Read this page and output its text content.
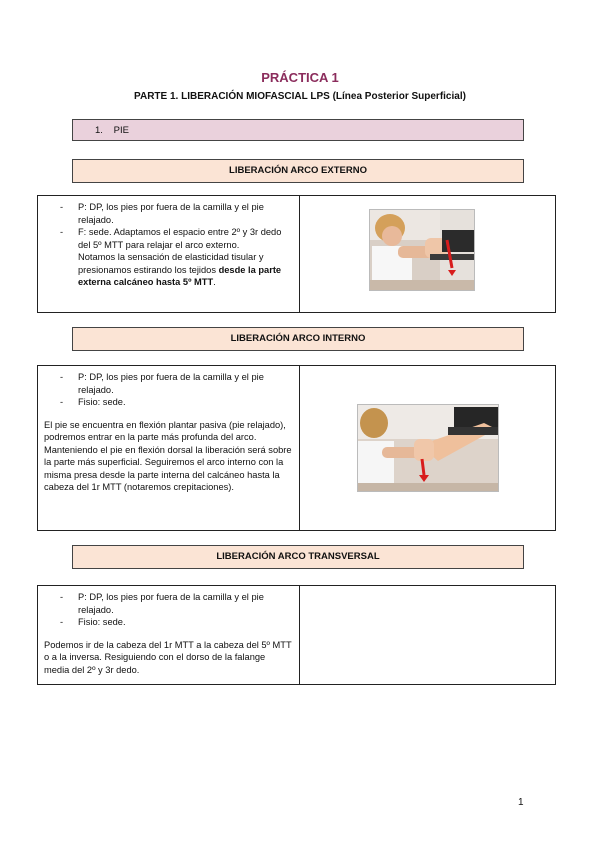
PRÁCTICA 1
PARTE 1. LIBERACIÓN MIOFASCIAL LPS (Línea Posterior Superficial)
1. PIE
LIBERACIÓN ARCO EXTERNO
- P: DP, los pies por fuera de la camilla y el pie relajado.
- F: sede. Adaptamos el espacio entre 2º y 3r dedo del 5º MTT para relajar el arco externo.
Notamos la sensación de elasticidad tisular y presionamos estirando los tejidos desde la parte externa calcáneo hasta 5º MTT.
LIBERACIÓN ARCO INTERNO
- P: DP, los pies por fuera de la camilla y el pie relajado.
- Fisio: sede.
El pie se encuentra en flexión plantar pasiva (pie relajado), podremos entrar en la parte más profunda del arco. Manteniendo el pie en flexión dorsal la liberación será sobre la parte más superficial. Seguiremos el arco interno con la misma presa desde la parte interna del calcáneo hasta la cabeza del 1r MTT (notaremos crepitaciones).
LIBERACIÓN ARCO TRANSVERSAL
- P: DP, los pies por fuera de la camilla y el pie relajado.
- Fisio: sede.
Podemos ir de la cabeza del 1r MTT a la cabeza del 5º MTT o a la inversa. Resiguiendo con el dorso de la falange media del 2º y 3r dedo.
1
